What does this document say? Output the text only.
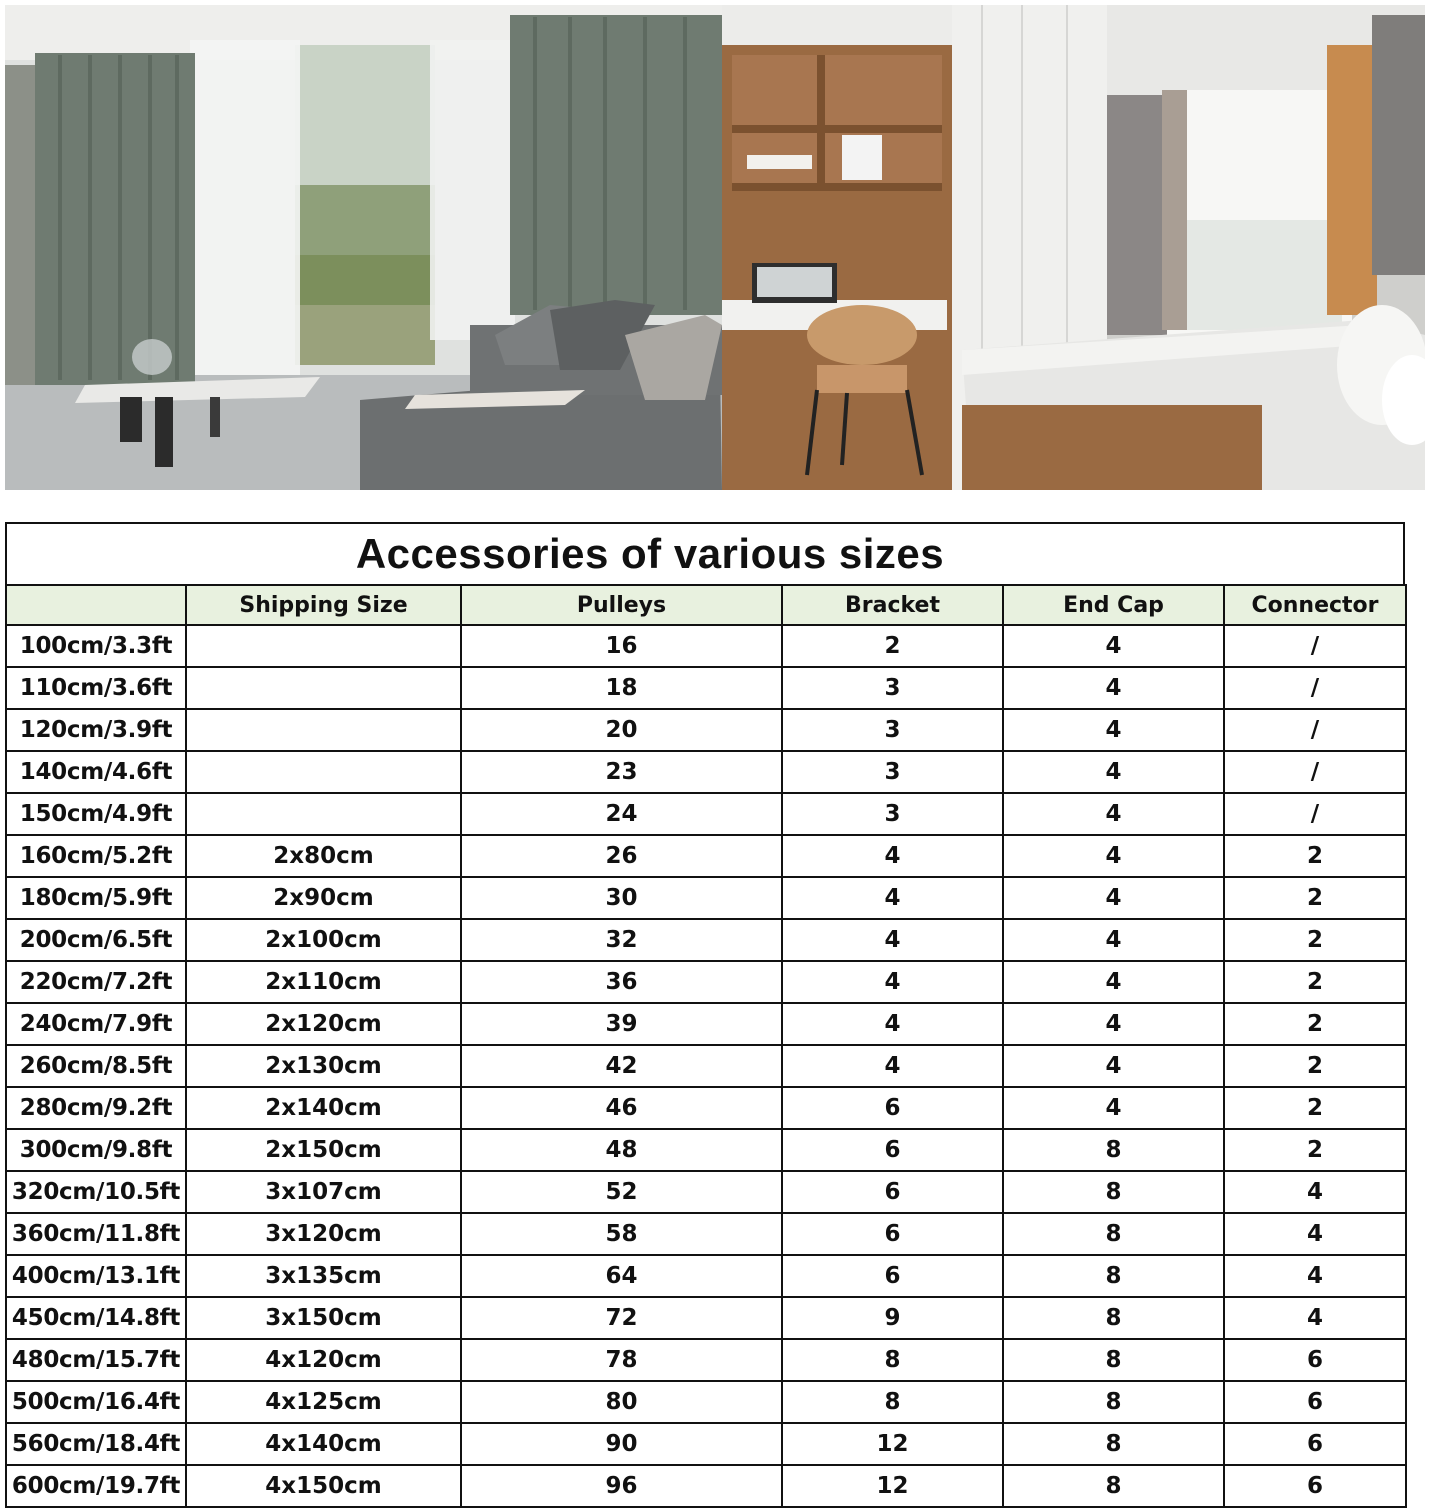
Accessories of various sizes
	Shipping Size	Pulleys	Bracket	End Cap	Connector
100cm/3.3ft		16	2	4	/
110cm/3.6ft		18	3	4	/
120cm/3.9ft		20	3	4	/
140cm/4.6ft		23	3	4	/
150cm/4.9ft		24	3	4	/
160cm/5.2ft	2x80cm	26	4	4	2
180cm/5.9ft	2x90cm	30	4	4	2
200cm/6.5ft	2x100cm	32	4	4	2
220cm/7.2ft	2x110cm	36	4	4	2
240cm/7.9ft	2x120cm	39	4	4	2
260cm/8.5ft	2x130cm	42	4	4	2
280cm/9.2ft	2x140cm	46	6	4	2
300cm/9.8ft	2x150cm	48	6	8	2
320cm/10.5ft	3x107cm	52	6	8	4
360cm/11.8ft	3x120cm	58	6	8	4
400cm/13.1ft	3x135cm	64	6	8	4
450cm/14.8ft	3x150cm	72	9	8	4
480cm/15.7ft	4x120cm	78	8	8	6
500cm/16.4ft	4x125cm	80	8	8	6
560cm/18.4ft	4x140cm	90	12	8	6
600cm/19.7ft	4x150cm	96	12	8	6
